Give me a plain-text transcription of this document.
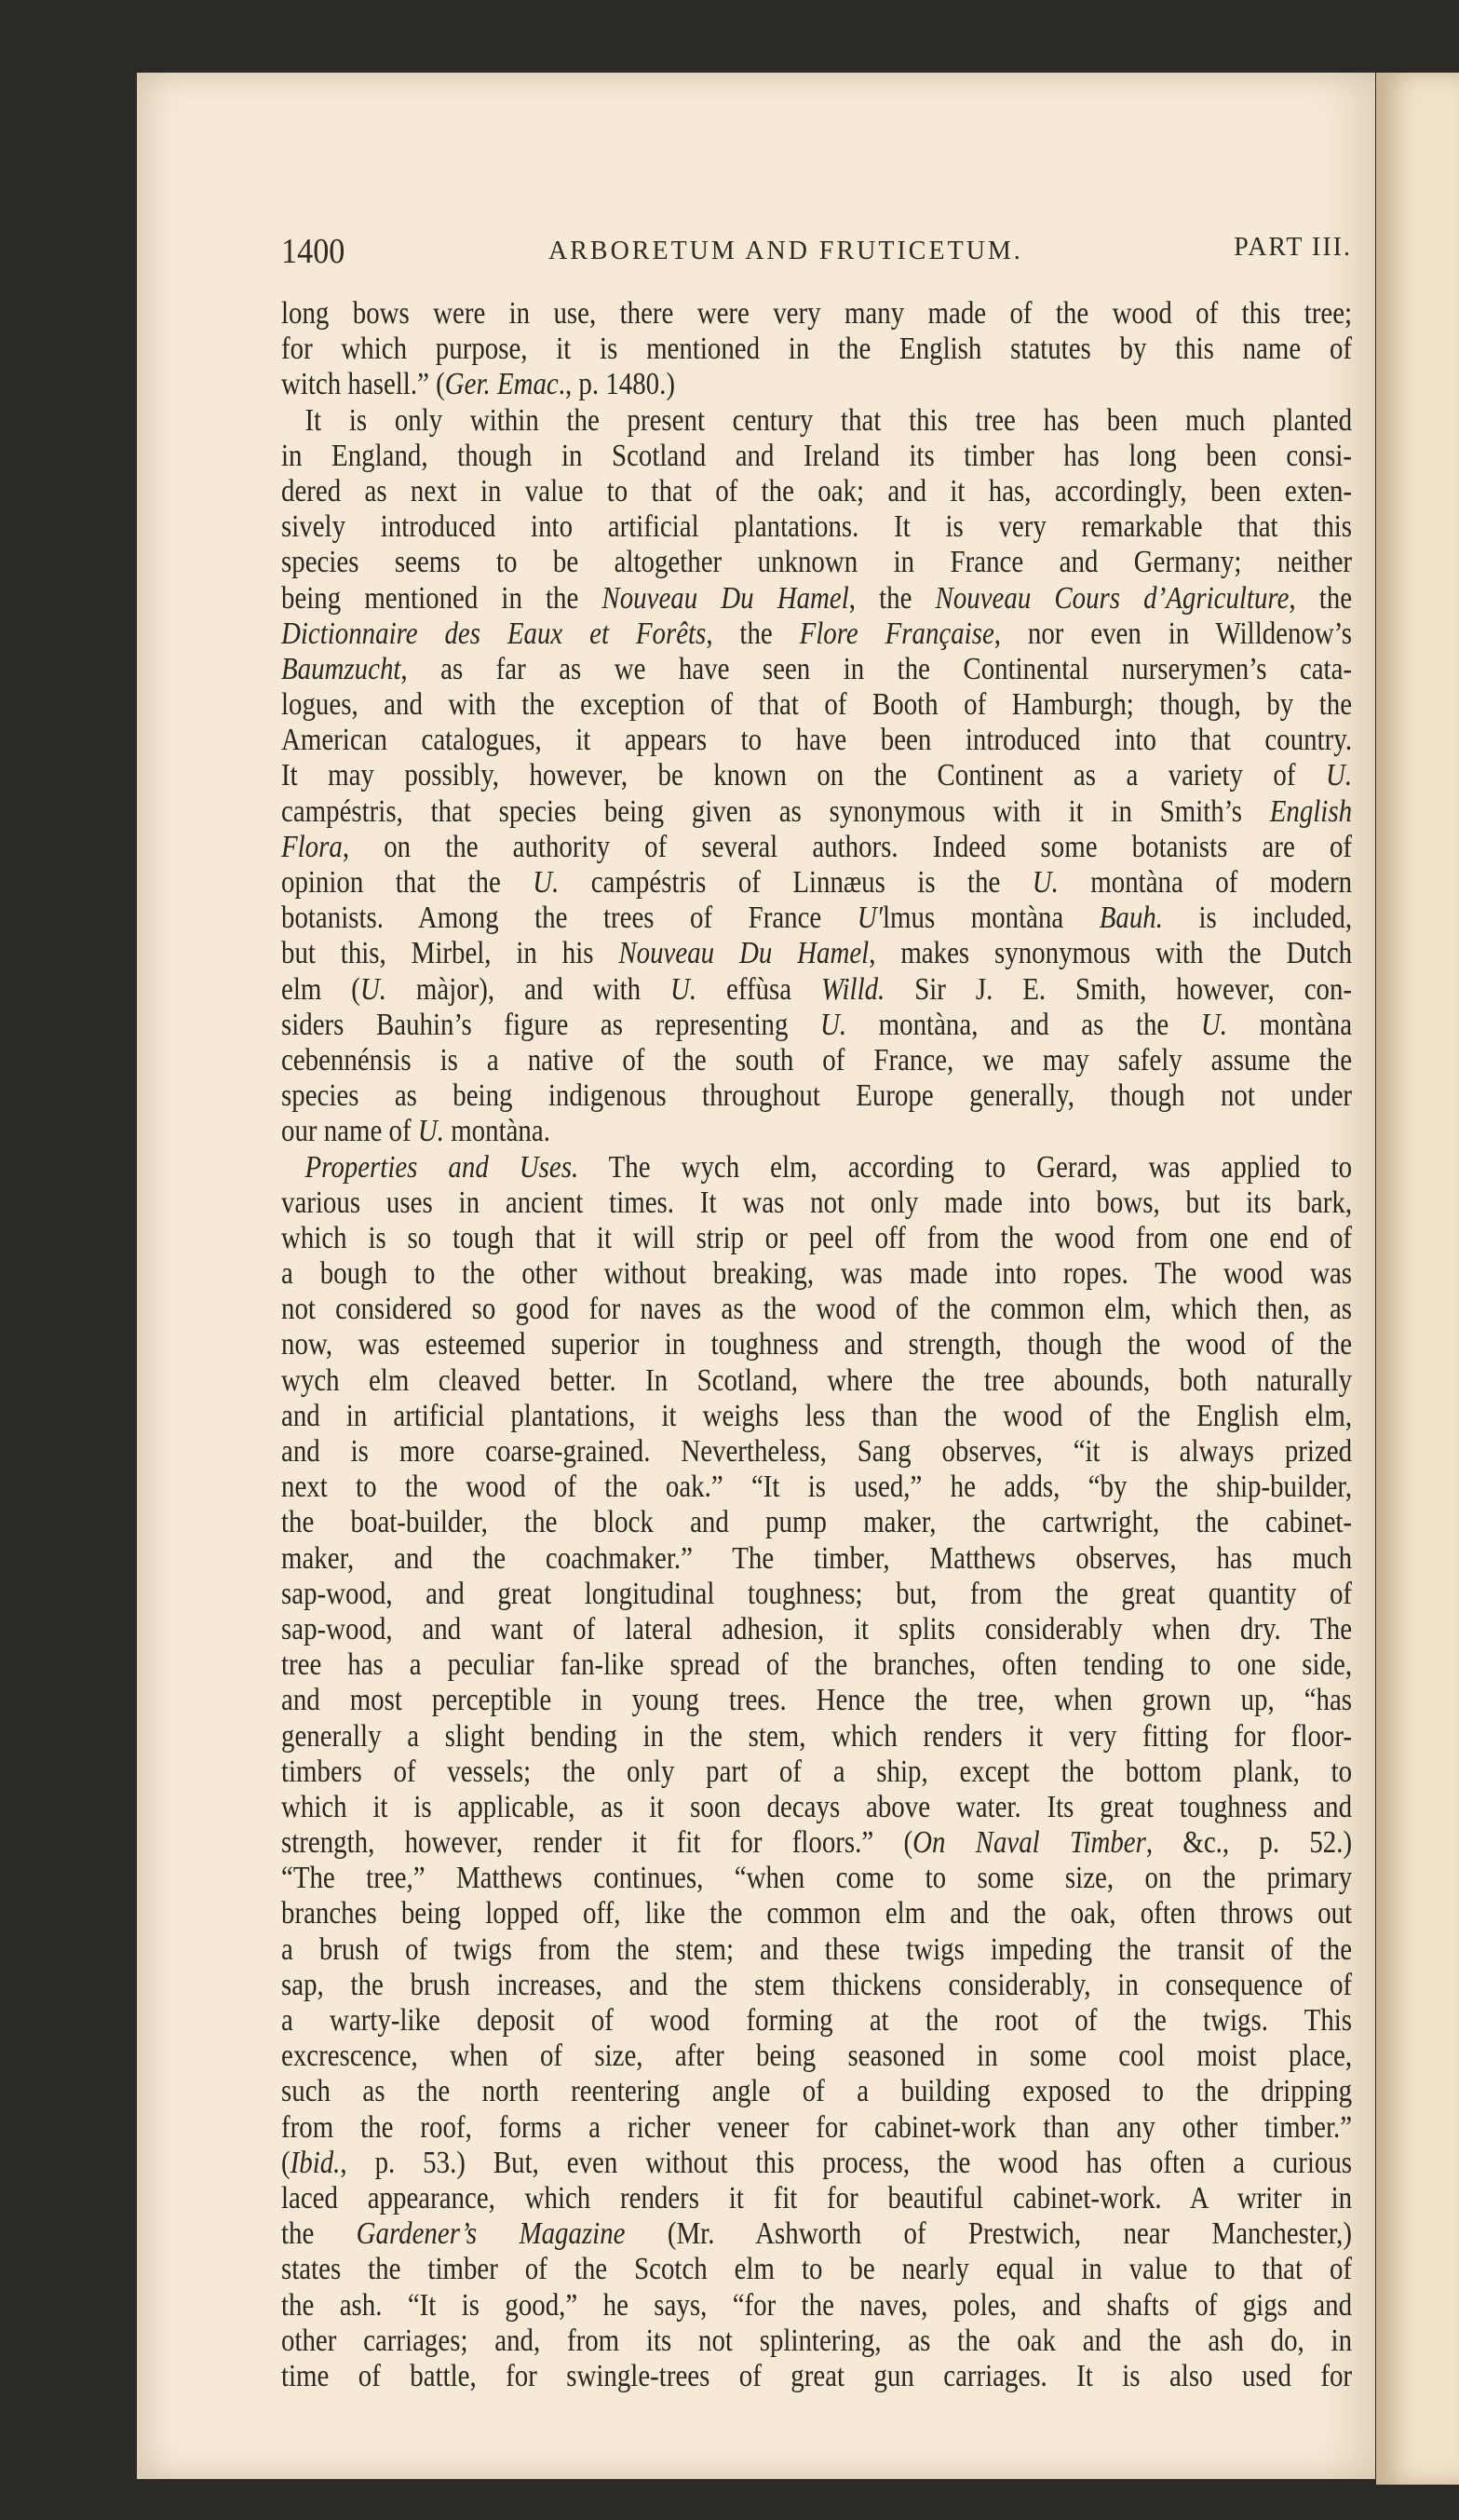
1400	ARBORETUM AND FRUTICETUM.	PART III.
long bows were in use, there were very many made of the wood of this tree;
for which purpose, it is mentioned in the English statutes by this name of
witch hasell.” (Ger. Emac., p. 1480.)
It is only within the present century that this tree has been much planted
in England, though in Scotland and Ireland its timber has long been consi-
dered as next in value to that of the oak; and it has, accordingly, been exten-
sively introduced into artificial plantations. It is very remarkable that this
species seems to be altogether unknown in France and Germany; neither
being mentioned in the Nouveau Du Hamel, the Nouveau Cours d’Agriculture, the
Dictionnaire des Eaux et Forêts, the Flore Française, nor even in Willdenow’s
Baumzucht, as far as we have seen in the Continental nurserymen’s cata-
logues, and with the exception of that of Booth of Hamburgh; though, by the
American catalogues, it appears to have been introduced into that country.
It may possibly, however, be known on the Continent as a variety of U.
campéstris, that species being given as synonymous with it in Smith’s English
Flora, on the authority of several authors. Indeed some botanists are of
opinion that the U. campéstris of Linnæus is the U. montàna of modern
botanists. Among the trees of France U′lmus montàna Bauh. is included,
but this, Mirbel, in his Nouveau Du Hamel, makes synonymous with the Dutch
elm (U. màjor), and with U. effùsa Willd. Sir J. E. Smith, however, con-
siders Bauhin’s figure as representing U. montàna, and as the U. montàna
cebennénsis is a native of the south of France, we may safely assume the
species as being indigenous throughout Europe generally, though not under
our name of U. montàna.
Properties and Uses. The wych elm, according to Gerard, was applied to
various uses in ancient times. It was not only made into bows, but its bark,
which is so tough that it will strip or peel off from the wood from one end of
a bough to the other without breaking, was made into ropes. The wood was
not considered so good for naves as the wood of the common elm, which then, as
now, was esteemed superior in toughness and strength, though the wood of the
wych elm cleaved better. In Scotland, where the tree abounds, both naturally
and in artificial plantations, it weighs less than the wood of the English elm,
and is more coarse-grained. Nevertheless, Sang observes, “it is always prized
next to the wood of the oak.” “It is used,” he adds, “by the ship-builder,
the boat-builder, the block and pump maker, the cartwright, the cabinet-
maker, and the coachmaker.” The timber, Matthews observes, has much
sap-wood, and great longitudinal toughness; but, from the great quantity of
sap-wood, and want of lateral adhesion, it splits considerably when dry. The
tree has a peculiar fan-like spread of the branches, often tending to one side,
and most perceptible in young trees. Hence the tree, when grown up, “has
generally a slight bending in the stem, which renders it very fitting for floor-
timbers of vessels; the only part of a ship, except the bottom plank, to
which it is applicable, as it soon decays above water. Its great toughness and
strength, however, render it fit for floors.” (On Naval Timber, &c., p. 52.)
“The tree,” Matthews continues, “when come to some size, on the primary
branches being lopped off, like the common elm and the oak, often throws out
a brush of twigs from the stem; and these twigs impeding the transit of the
sap, the brush increases, and the stem thickens considerably, in consequence of
a warty-like deposit of wood forming at the root of the twigs. This
excrescence, when of size, after being seasoned in some cool moist place,
such as the north reentering angle of a building exposed to the dripping
from the roof, forms a richer veneer for cabinet-work than any other timber.”
(Ibid., p. 53.) But, even without this process, the wood has often a curious
laced appearance, which renders it fit for beautiful cabinet-work. A writer in
the Gardener’s Magazine (Mr. Ashworth of Prestwich, near Manchester,)
states the timber of the Scotch elm to be nearly equal in value to that of
the ash. “It is good,” he says, “for the naves, poles, and shafts of gigs and
other carriages; and, from its not splintering, as the oak and the ash do, in
time of battle, for swingle-trees of great gun carriages. It is also used for
